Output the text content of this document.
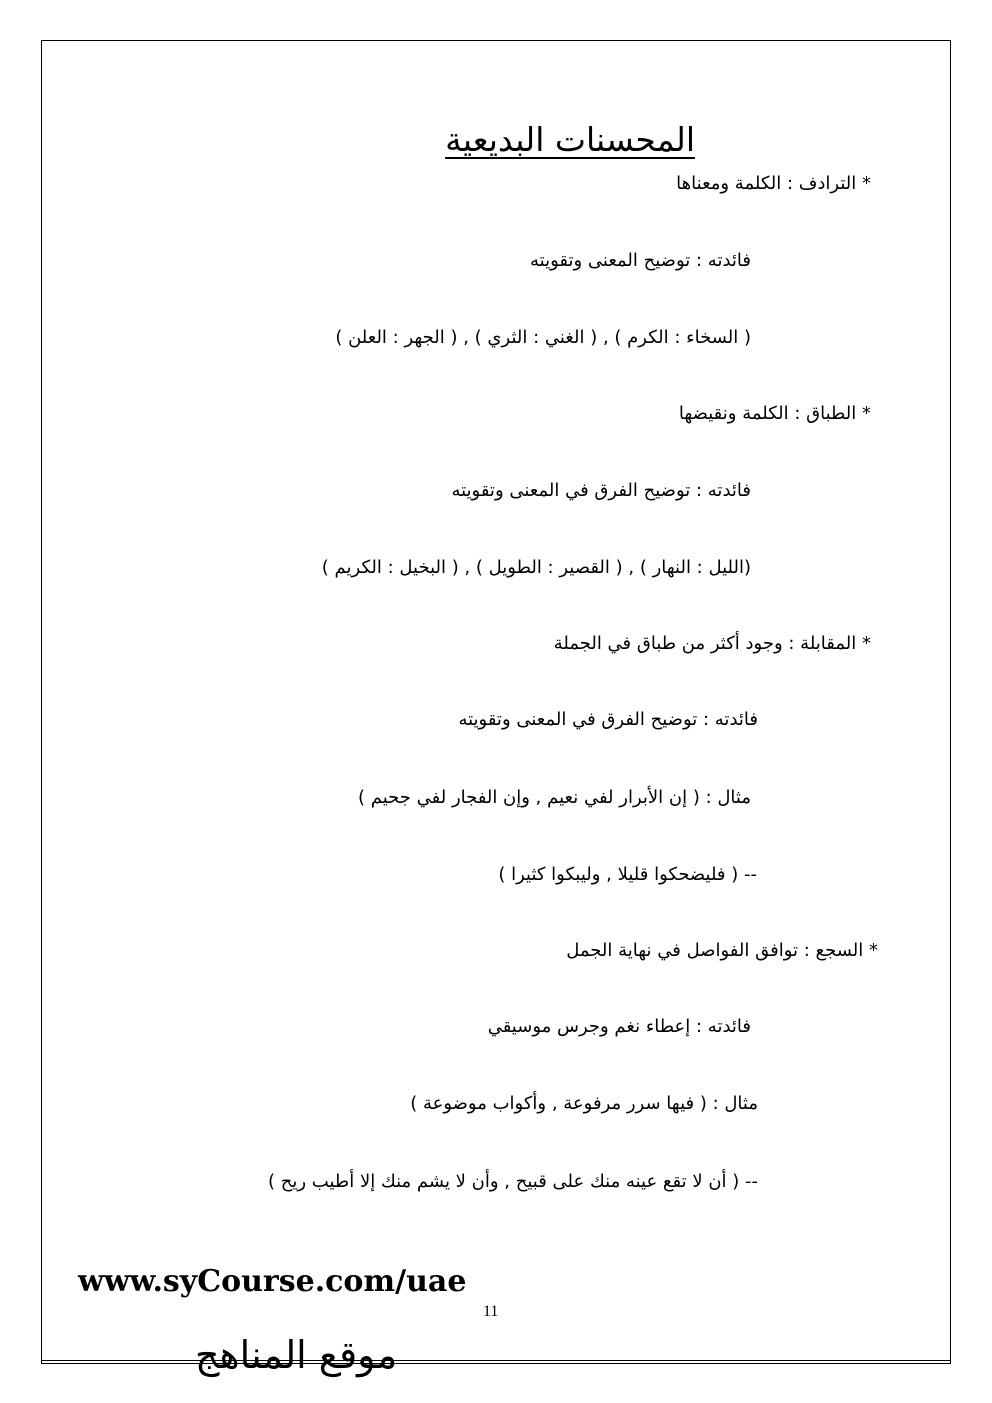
المحسنات البديعية
* الترادف : الكلمة ومعناها
فائدته : توضيح المعنى وتقويته
( السخاء : الكرم ) , ( الغني : الثري ) , ( الجهر : العلن )
* الطباق : الكلمة ونقيضها
فائدته : توضيح الفرق في المعنى وتقويته
(الليل : النهار ) , ( القصير : الطويل ) , ( البخيل : الكريم )
* المقابلة : وجود أكثر من طباق في الجملة
فائدته : توضيح الفرق في المعنى وتقويته
مثال : ( إن الأبرار لفي نعيم , وإن الفجار لفي جحيم )
-- ( فليضحكوا قليلا , وليبكوا كثيرا )
* السجع : توافق الفواصل في نهاية الجمل
فائدته : إعطاء نغم وجرس موسيقي
مثال : ( فيها سرر مرفوعة , وأكواب موضوعة )
-- ( أن لا تقع عينه منك على قبيح , وأن لا يشم منك إلا أطيب ريح )
www.syCourse.com/uae
11
موقع المناهج
